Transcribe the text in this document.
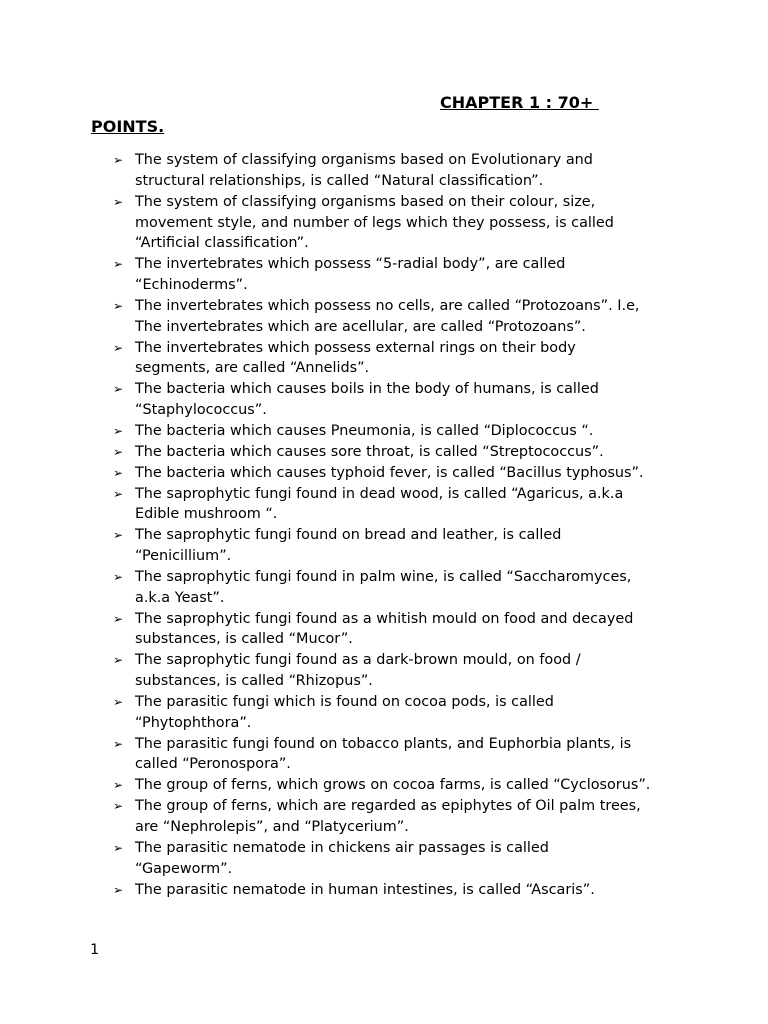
CHAPTER 1 : 70+
POINTS.
➢ The system of classifying organisms based on Evolutionary and
structural relationships, is called “Natural classification”.
➢ The system of classifying organisms based on their colour, size,
movement style, and number of legs which they possess, is called
“Artificial classification”.
➢ The invertebrates which possess “5-radial body”, are called
“Echinoderms”.
➢ The invertebrates which possess no cells, are called “Protozoans”. I.e,
The invertebrates which are acellular, are called “Protozoans”.
➢ The invertebrates which possess external rings on their body
segments, are called “Annelids”.
➢ The bacteria which causes boils in the body of humans, is called
“Staphylococcus”.
➢ The bacteria which causes Pneumonia, is called “Diplococcus “.
➢ The bacteria which causes sore throat, is called “Streptococcus”.
➢ The bacteria which causes typhoid fever, is called “Bacillus typhosus”.
➢ The saprophytic fungi found in dead wood, is called “Agaricus, a.k.a
Edible mushroom “.
➢ The saprophytic fungi found on bread and leather, is called
“Penicillium”.
➢ The saprophytic fungi found in palm wine, is called “Saccharomyces,
a.k.a Yeast”.
➢ The saprophytic fungi found as a whitish mould on food and decayed
substances, is called “Mucor”.
➢ The saprophytic fungi found as a dark-brown mould, on food /
substances, is called “Rhizopus”.
➢ The parasitic fungi which is found on cocoa pods, is called
“Phytophthora”.
➢ The parasitic fungi found on tobacco plants, and Euphorbia plants, is
called “Peronospora”.
➢ The group of ferns, which grows on cocoa farms, is called “Cyclosorus”.
➢ The group of ferns, which are regarded as epiphytes of Oil palm trees,
are “Nephrolepis”, and “Platycerium”.
➢ The parasitic nematode in chickens air passages is called
“Gapeworm”.
➢ The parasitic nematode in human intestines, is called “Ascaris”.
1
